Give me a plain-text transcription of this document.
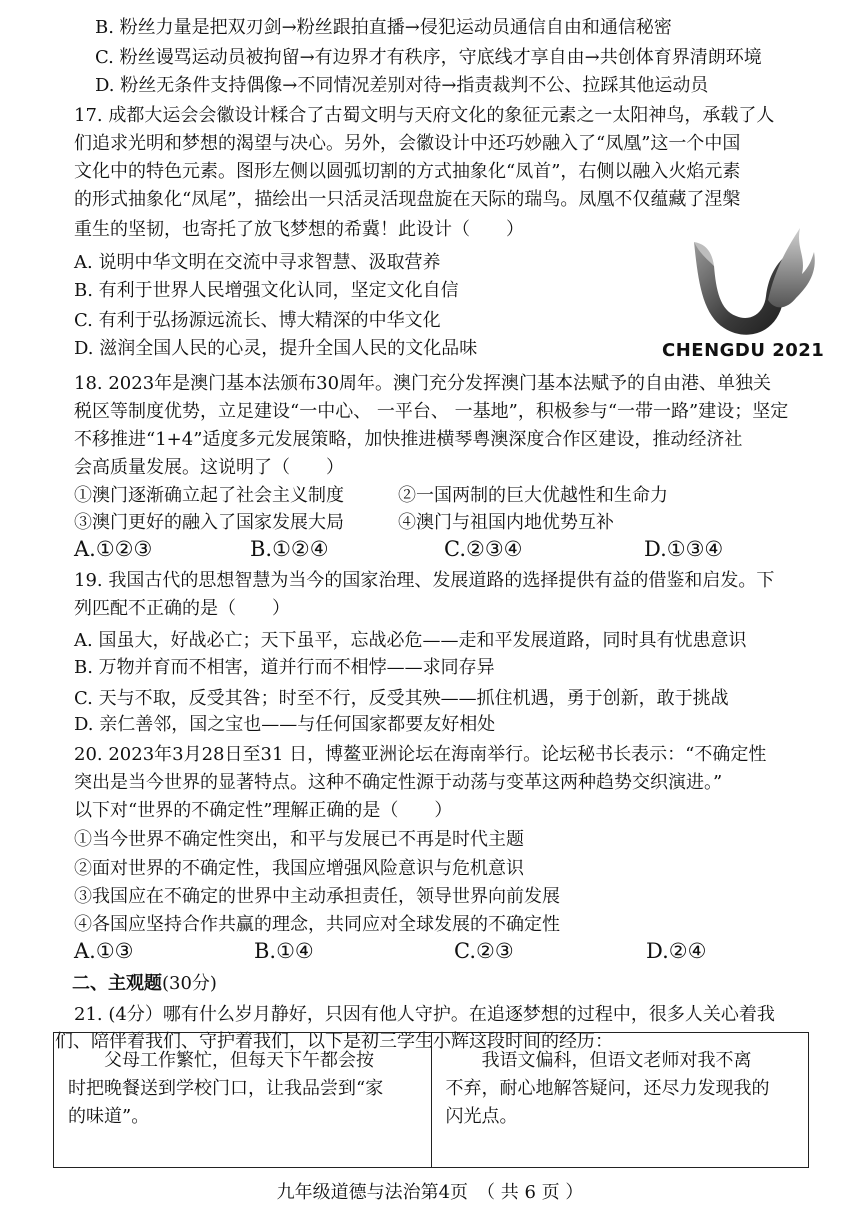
B. 粉丝力量是把双刃剑→粉丝跟拍直播→侵犯运动员通信自由和通信秘密
C. 粉丝谩骂运动员被拘留→有边界才有秩序，守底线才享自由→共创体育界清朗环境
D. 粉丝无条件支持偶像→不同情况差别对待→指责裁判不公、拉踩其他运动员
17. 成都大运会会徽设计糅合了古蜀文明与天府文化的象征元素之一太阳神鸟，承载了人
们追求光明和梦想的渴望与决心。另外，会徽设计中还巧妙融入了“凤凰”这一个中国
文化中的特色元素。图形左侧以圆弧切割的方式抽象化“凤首”，右侧以融入火焰元素
的形式抽象化“凤尾”，描绘出一只活灵活现盘旋在天际的瑞鸟。凤凰不仅蕴藏了涅槃
重生的坚韧，也寄托了放飞梦想的希冀！此设计（　　）
A. 说明中华文明在交流中寻求智慧、汲取营养
B. 有利于世界人民增强文化认同，坚定文化自信
C. 有利于弘扬源远流长、博大精深的中华文化
D. 滋润全国人民的心灵，提升全国人民的文化品味	CHENGDU 2021
18. 2023年是澳门基本法颁布30周年。澳门充分发挥澳门基本法赋予的自由港、单独关
税区等制度优势，立足建设“一中心、 一平台、 一基地”，积极参与“一带一路”建设；坚定
不移推进“1+4”适度多元发展策略，加快推进横琴粤澳深度合作区建设，推动经济社
会高质量发展。这说明了（　　）
①澳门逐渐确立起了社会主义制度	②一国两制的巨大优越性和生命力
③澳门更好的融入了国家发展大局	④澳门与祖国内地优势互补
A.①②③	B.①②④	C.②③④	D.①③④
19. 我国古代的思想智慧为当今的国家治理、发展道路的选择提供有益的借鉴和启发。下
列匹配不正确的是（　　）
A. 国虽大，好战必亡；天下虽平，忘战必危——走和平发展道路，同时具有忧患意识
B. 万物并育而不相害，道并行而不相悖——求同存异
C. 天与不取，反受其咎；时至不行，反受其殃——抓住机遇，勇于创新，敢于挑战
D. 亲仁善邻，国之宝也——与任何国家都要友好相处
20. 2023年3月28日至31 日，博鳌亚洲论坛在海南举行。论坛秘书长表示：“不确定性
突出是当今世界的显著特点。这种不确定性源于动荡与变革这两种趋势交织演进。”
以下对“世界的不确定性”理解正确的是（　　）
①当今世界不确定性突出，和平与发展已不再是时代主题
②面对世界的不确定性，我国应增强风险意识与危机意识
③我国应在不确定的世界中主动承担责任，领导世界向前发展
④各国应坚持合作共赢的理念，共同应对全球发展的不确定性
A.①③	B.①④	C.②③	D.②④
二、主观题(30分)
21. (4分）哪有什么岁月静好，只因有他人守护。在追逐梦想的过程中，很多人关心着我
们、陪伴着我们、守护着我们，以下是初三学生小辉这段时间的经历：
　　父母工作繁忙，但每天下午都会按
时把晚餐送到学校门口，让我品尝到“家
的味道”。	　　我语文偏科，但语文老师对我不离
不弃，耐心地解答疑问，还尽力发现我的
闪光点。
九年级道德与法治第4页　（ 共 6 页 ）
